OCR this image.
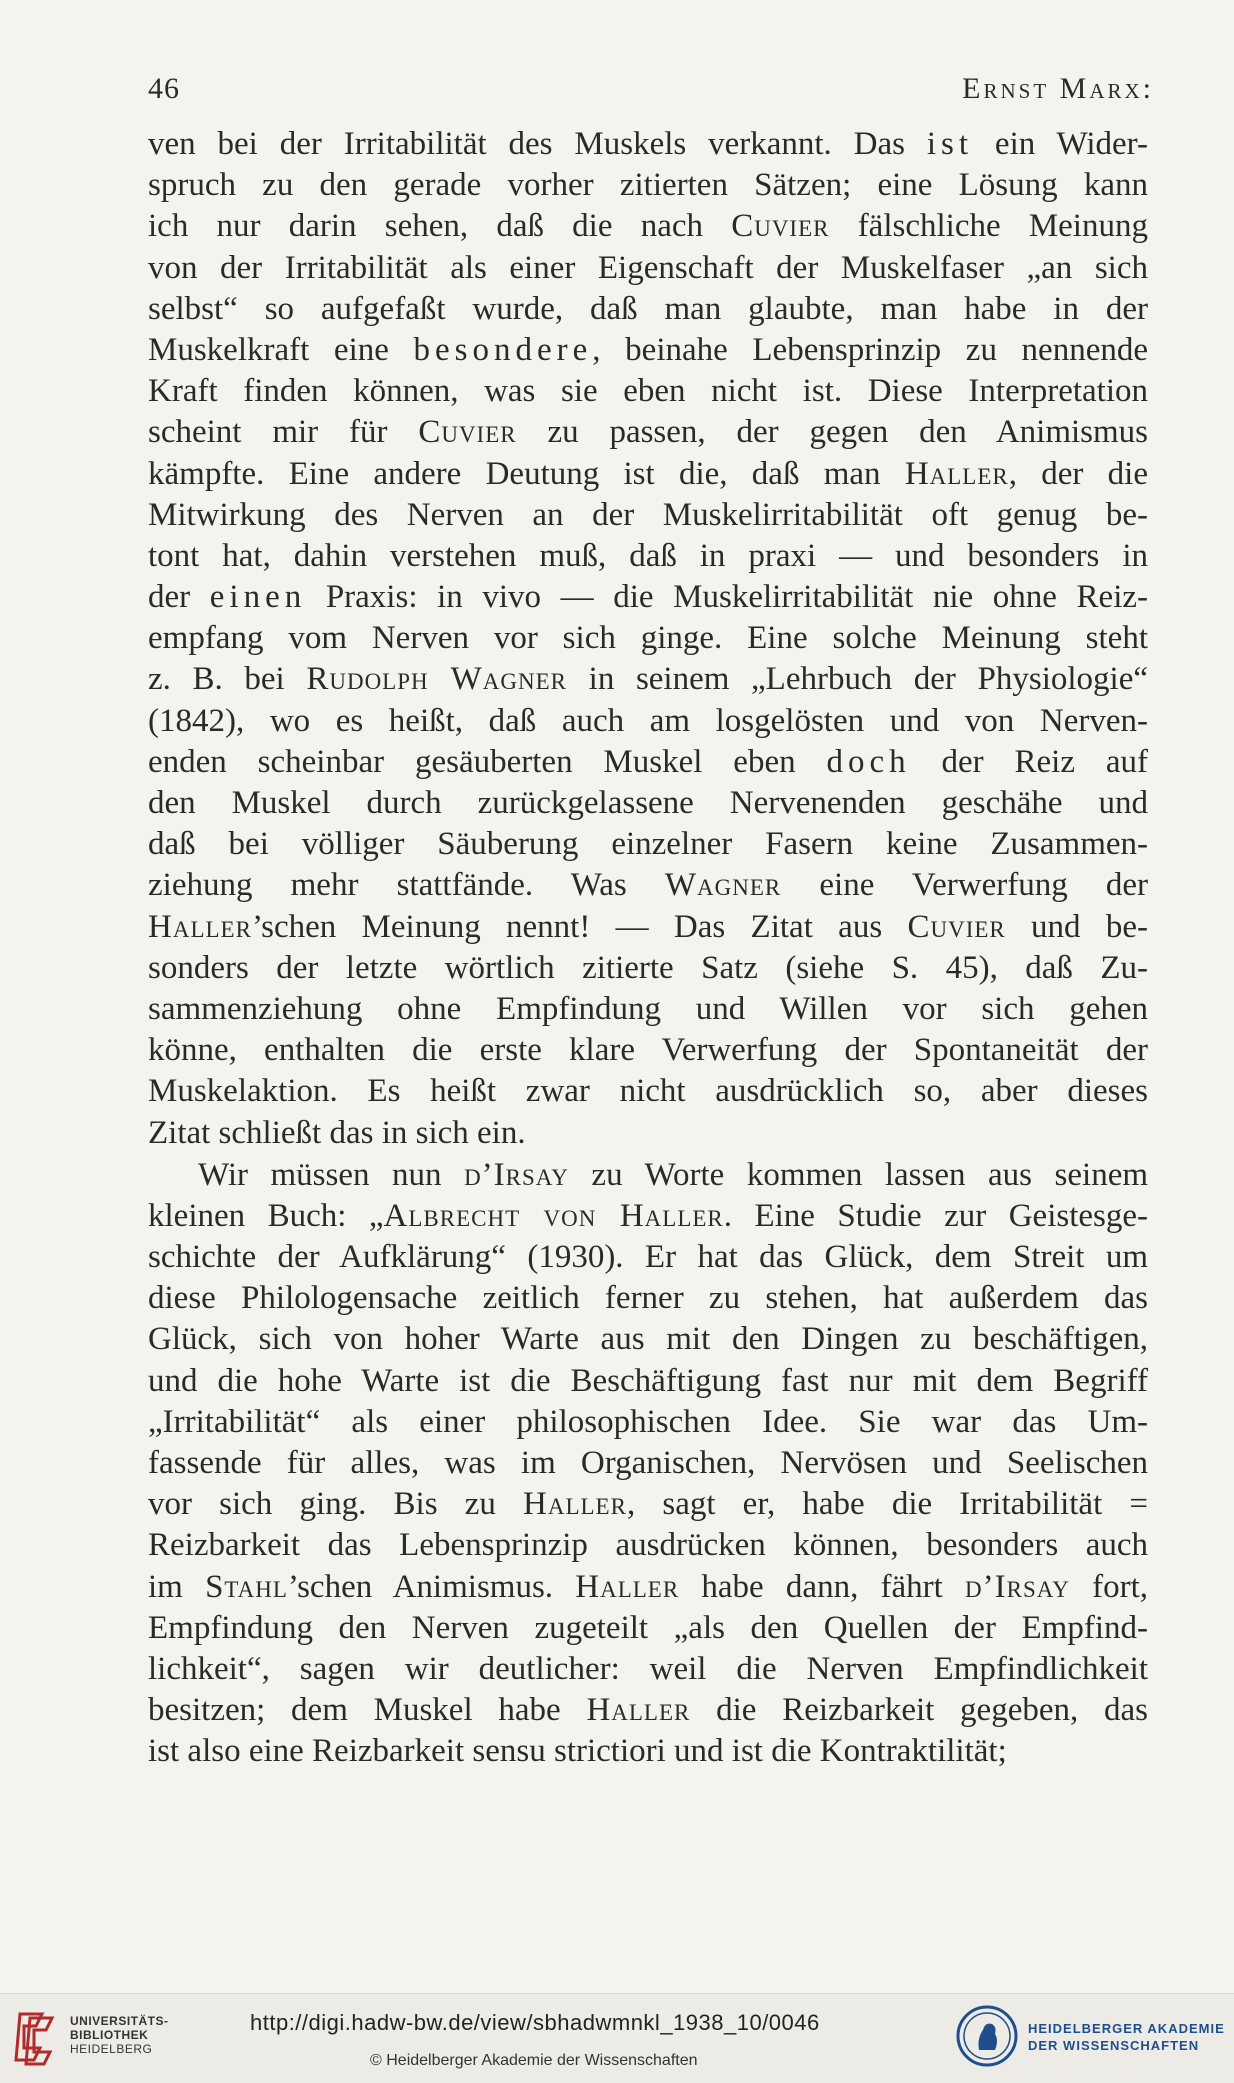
46	Ernst Marx:
ven bei der Irritabilität des Muskels verkannt. Das ist ein Wider-
spruch zu den gerade vorher zitierten Sätzen; eine Lösung kann
ich nur darin sehen, daß die nach Cuvier fälschliche Meinung
von der Irritabilität als einer Eigenschaft der Muskelfaser „an sich
selbst“ so aufgefaßt wurde, daß man glaubte, man habe in der
Muskelkraft eine besondere, beinahe Lebensprinzip zu nennende
Kraft finden können, was sie eben nicht ist. Diese Interpretation
scheint mir für Cuvier zu passen, der gegen den Animismus
kämpfte. Eine andere Deutung ist die, daß man Haller, der die
Mitwirkung des Nerven an der Muskelirritabilität oft genug be-
tont hat, dahin verstehen muß, daß in praxi — und besonders in
der einen Praxis: in vivo — die Muskelirritabilität nie ohne Reiz-
empfang vom Nerven vor sich ginge. Eine solche Meinung steht
z. B. bei Rudolph Wagner in seinem „Lehrbuch der Physiologie“
(1842), wo es heißt, daß auch am losgelösten und von Nerven-
enden scheinbar gesäuberten Muskel eben doch der Reiz auf
den Muskel durch zurückgelassene Nervenenden geschähe und
daß bei völliger Säuberung einzelner Fasern keine Zusammen-
ziehung mehr stattfände. Was Wagner eine Verwerfung der
Haller’schen Meinung nennt! — Das Zitat aus Cuvier und be-
sonders der letzte wörtlich zitierte Satz (siehe S. 45), daß Zu-
sammenziehung ohne Empfindung und Willen vor sich gehen
könne, enthalten die erste klare Verwerfung der Spontaneität der
Muskelaktion. Es heißt zwar nicht ausdrücklich so, aber dieses
Zitat schließt das in sich ein.
Wir müssen nun d’Irsay zu Worte kommen lassen aus seinem
kleinen Buch: „Albrecht von Haller. Eine Studie zur Geistesge-
schichte der Aufklärung“ (1930). Er hat das Glück, dem Streit um
diese Philologensache zeitlich ferner zu stehen, hat außerdem das
Glück, sich von hoher Warte aus mit den Dingen zu beschäftigen,
und die hohe Warte ist die Beschäftigung fast nur mit dem Begriff
„Irritabilität“ als einer philosophischen Idee. Sie war das Um-
fassende für alles, was im Organischen, Nervösen und Seelischen
vor sich ging. Bis zu Haller, sagt er, habe die Irritabilität =
Reizbarkeit das Lebensprinzip ausdrücken können, besonders auch
im Stahl’schen Animismus. Haller habe dann, fährt d’Irsay fort,
Empfindung den Nerven zugeteilt „als den Quellen der Empfind-
lichkeit“, sagen wir deutlicher: weil die Nerven Empfindlichkeit
besitzen; dem Muskel habe Haller die Reizbarkeit gegeben, das
ist also eine Reizbarkeit sensu strictiori und ist die Kontraktilität;
UNIVERSITÄTS-
BIBLIOTHEK
HEIDELBERG
http://digi.hadw-bw.de/view/sbhadwmnkl_1938_10/0046
© Heidelberger Akademie der Wissenschaften
HEIDELBERGER AKADEMIE
DER WISSENSCHAFTEN
